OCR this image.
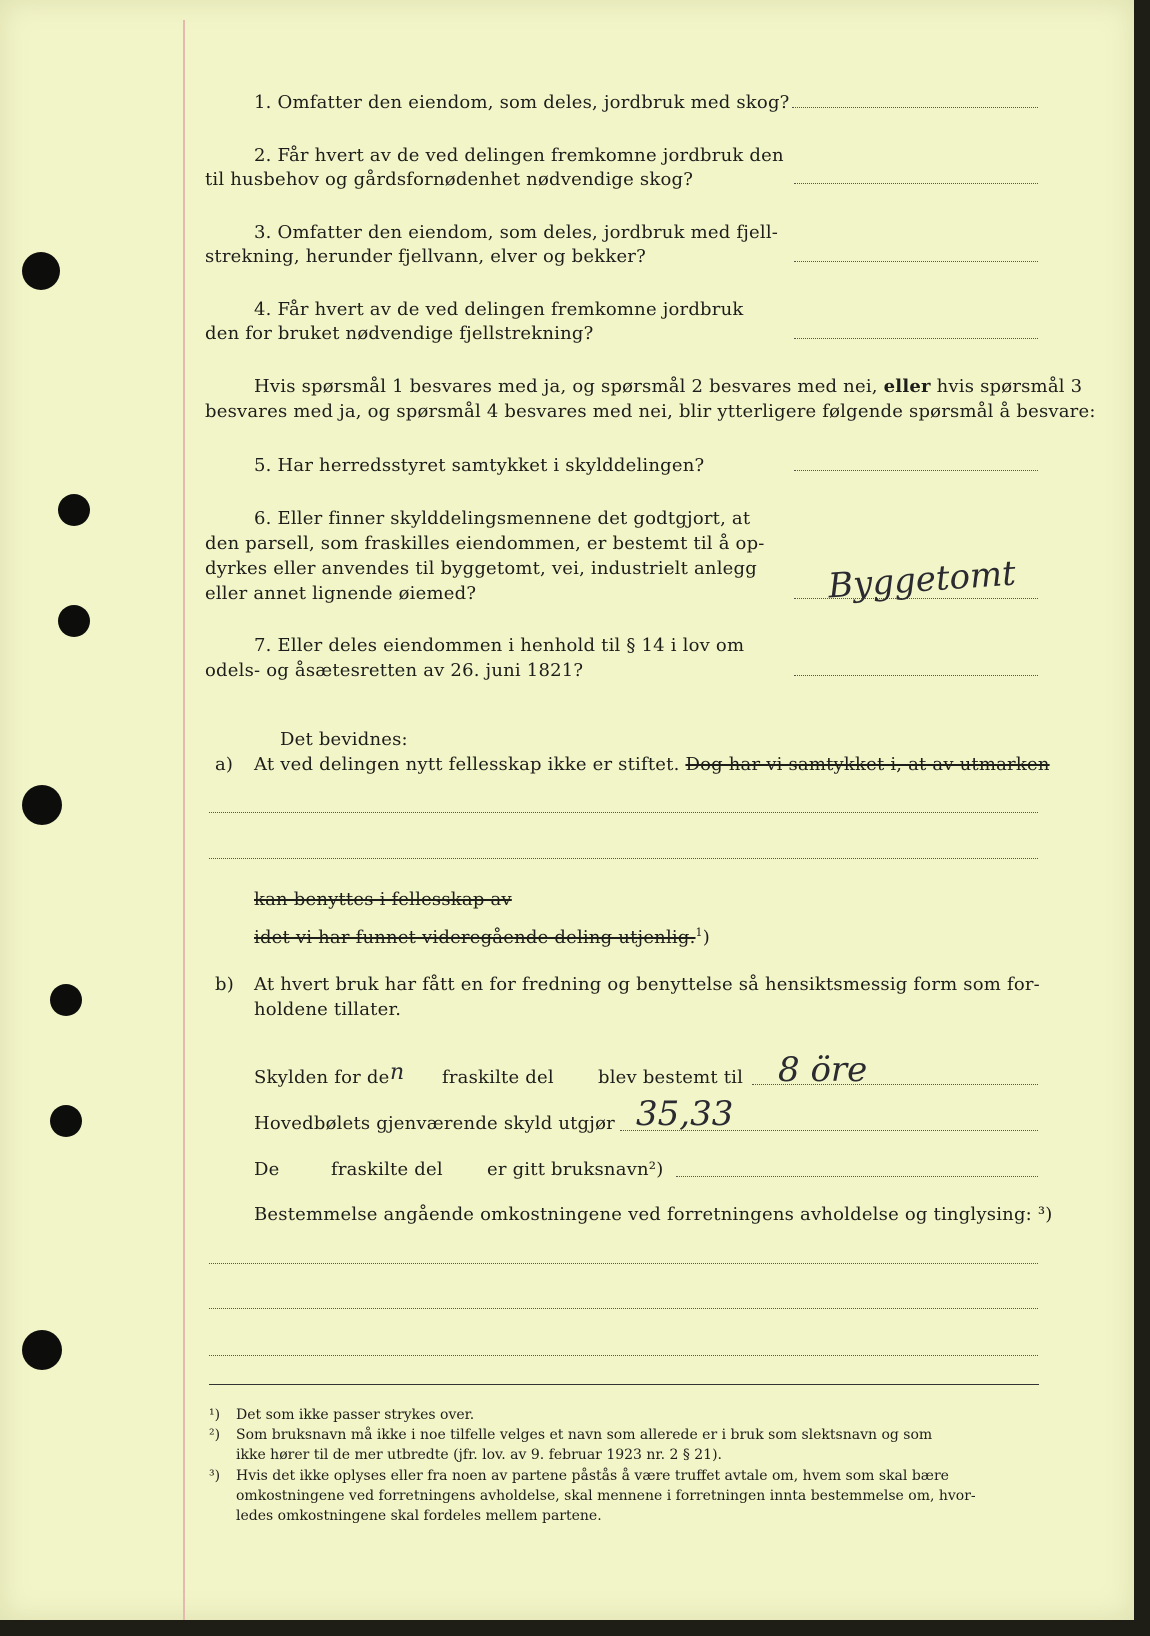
1. Omfatter den eiendom, som deles, jordbruk med skog?
2. Får hvert av de ved delingen fremkomne jordbruk den
til husbehov og gårdsfornødenhet nødvendige skog?
3. Omfatter den eiendom, som deles, jordbruk med fjell-
strekning, herunder fjellvann, elver og bekker?
4. Får hvert av de ved delingen fremkomne jordbruk
den for bruket nødvendige fjellstrekning?
Hvis spørsmål 1 besvares med ja, og spørsmål 2 besvares med nei, eller hvis spørsmål 3
besvares med ja, og spørsmål 4 besvares med nei, blir ytterligere følgende spørsmål å besvare:
5. Har herredsstyret samtykket i skylddelingen?
6. Eller finner skylddelingsmennene det godtgjort, at
den parsell, som fraskilles eiendommen, er bestemt til å op-
dyrkes eller anvendes til byggetomt, vei, industrielt anlegg
eller annet lignende øiemed?	Byggetomt
7. Eller deles eiendommen i henhold til § 14 i lov om
odels- og åsætesretten av 26. juni 1821?
Det bevidnes:
a) At ved delingen nytt fellesskap ikke er stiftet. Dog har vi samtykket i, at av utmarken
kan benyttes i fellesskap av
idet vi har funnet videregående deling utjenlig.$^1$)
b) At hvert bruk har fått en for fredning og benyttelse så hensiktsmessig form som for-
holdene tillater.
Skylden for de n fraskilte del blev bestemt til 8 öre
Hovedbølets gjenværende skyld utgjør 35,33
De	fraskilte del er gitt bruksnavn²)
Bestemmelse angående omkostningene ved forretningens avholdelse og tinglysing: ³)
¹) Det som ikke passer strykes over.
²) Som bruksnavn må ikke i noe tilfelle velges et navn som allerede er i bruk som slektsnavn og som
ikke hører til de mer utbredte (jfr. lov. av 9. februar 1923 nr. 2 § 21).
³) Hvis det ikke oplyses eller fra noen av partene påstås å være truffet avtale om, hvem som skal bære
omkostningene ved forretningens avholdelse, skal mennene i forretningen innta bestemmelse om, hvor-
ledes omkostningene skal fordeles mellem partene.
